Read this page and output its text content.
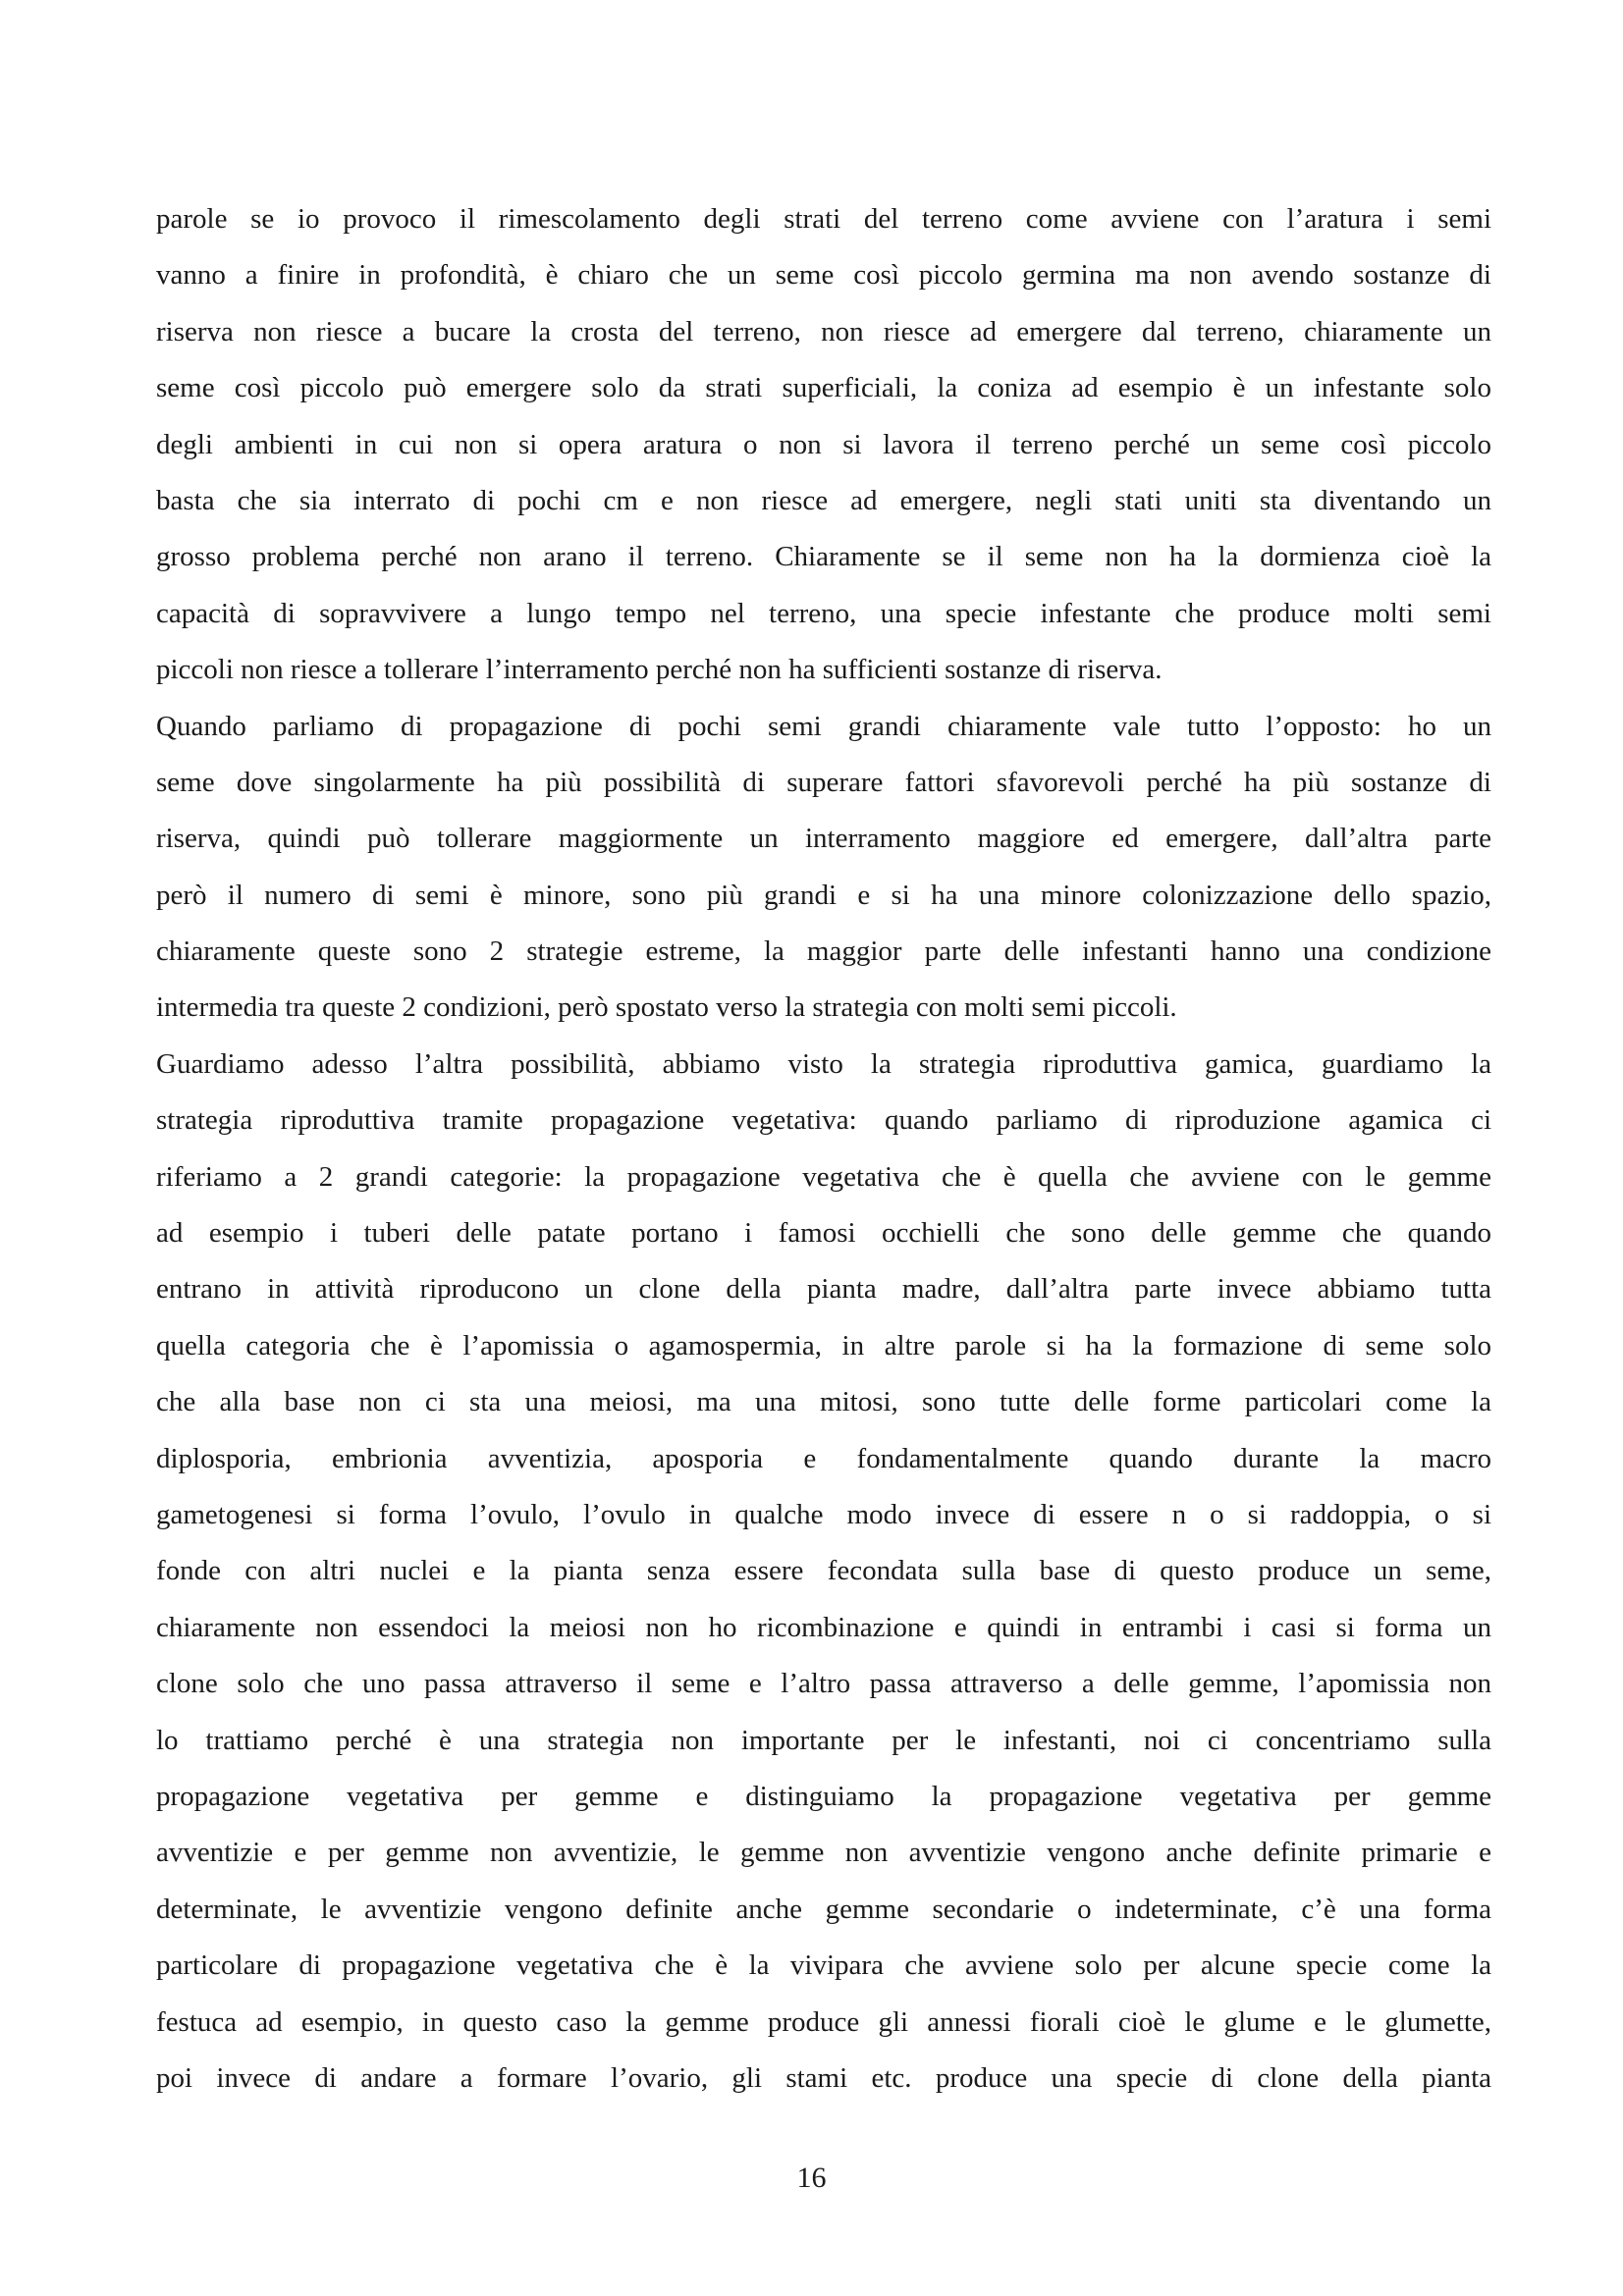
parole se io provoco il rimescolamento degli strati del terreno come avviene con l’aratura i semi
vanno a finire in profondità, è chiaro che un seme così piccolo germina ma non avendo sostanze di
riserva non riesce a bucare la crosta del terreno, non riesce ad emergere dal terreno, chiaramente un
seme così piccolo può emergere solo da strati superficiali, la coniza ad esempio è un infestante solo
degli ambienti in cui non si opera aratura o non si lavora il terreno perché un seme così piccolo
basta che sia interrato di pochi cm e non riesce ad emergere, negli stati uniti sta diventando un
grosso problema perché non arano il terreno. Chiaramente se il seme non ha la dormienza cioè la
capacità di sopravvivere a lungo tempo nel terreno, una specie infestante che produce molti semi
piccoli non riesce a tollerare l’interramento perché non ha sufficienti sostanze di riserva.
Quando parliamo di propagazione di pochi semi grandi chiaramente vale tutto l’opposto: ho un
seme dove singolarmente ha più possibilità di superare fattori sfavorevoli perché ha più sostanze di
riserva, quindi può tollerare maggiormente un interramento maggiore ed emergere, dall’altra parte
però il numero di semi è minore, sono più grandi e si ha una minore colonizzazione dello spazio,
chiaramente queste sono 2 strategie estreme, la maggior parte delle infestanti hanno una condizione
intermedia tra queste 2 condizioni, però spostato verso la strategia con molti semi piccoli.
Guardiamo adesso l’altra possibilità, abbiamo visto la strategia riproduttiva gamica, guardiamo la
strategia riproduttiva tramite propagazione vegetativa: quando parliamo di riproduzione agamica ci
riferiamo a 2 grandi categorie: la propagazione vegetativa che è quella che avviene con le gemme
ad esempio i tuberi delle patate portano i famosi occhielli che sono delle gemme che quando
entrano in attività riproducono un clone della pianta madre, dall’altra parte invece abbiamo tutta
quella categoria che è l’apomissia o agamospermia, in altre parole si ha la formazione di seme solo
che alla base non ci sta una meiosi, ma una mitosi, sono tutte delle forme particolari come la
diplosporia, embrionia avventizia, aposporia e fondamentalmente quando durante la macro
gametogenesi si forma l’ovulo, l’ovulo in qualche modo invece di essere n o si raddoppia, o si
fonde con altri nuclei e la pianta senza essere fecondata sulla base di questo produce un seme,
chiaramente non essendoci la meiosi non ho ricombinazione e quindi in entrambi i casi si forma un
clone solo che uno passa attraverso il seme e l’altro passa attraverso a delle gemme, l’apomissia non
lo trattiamo perché è una strategia non importante per le infestanti, noi ci concentriamo sulla
propagazione vegetativa per gemme e distinguiamo la propagazione vegetativa per gemme
avventizie e per gemme non avventizie, le gemme non avventizie vengono anche definite primarie e
determinate, le avventizie vengono definite anche gemme secondarie o indeterminate, c’è una forma
particolare di propagazione vegetativa che è la vivipara che avviene solo per alcune specie come la
festuca ad esempio, in questo caso la gemme produce gli annessi fiorali cioè le glume e le glumette,
poi invece di andare a formare l’ovario, gli stami etc. produce una specie di clone della pianta
16
